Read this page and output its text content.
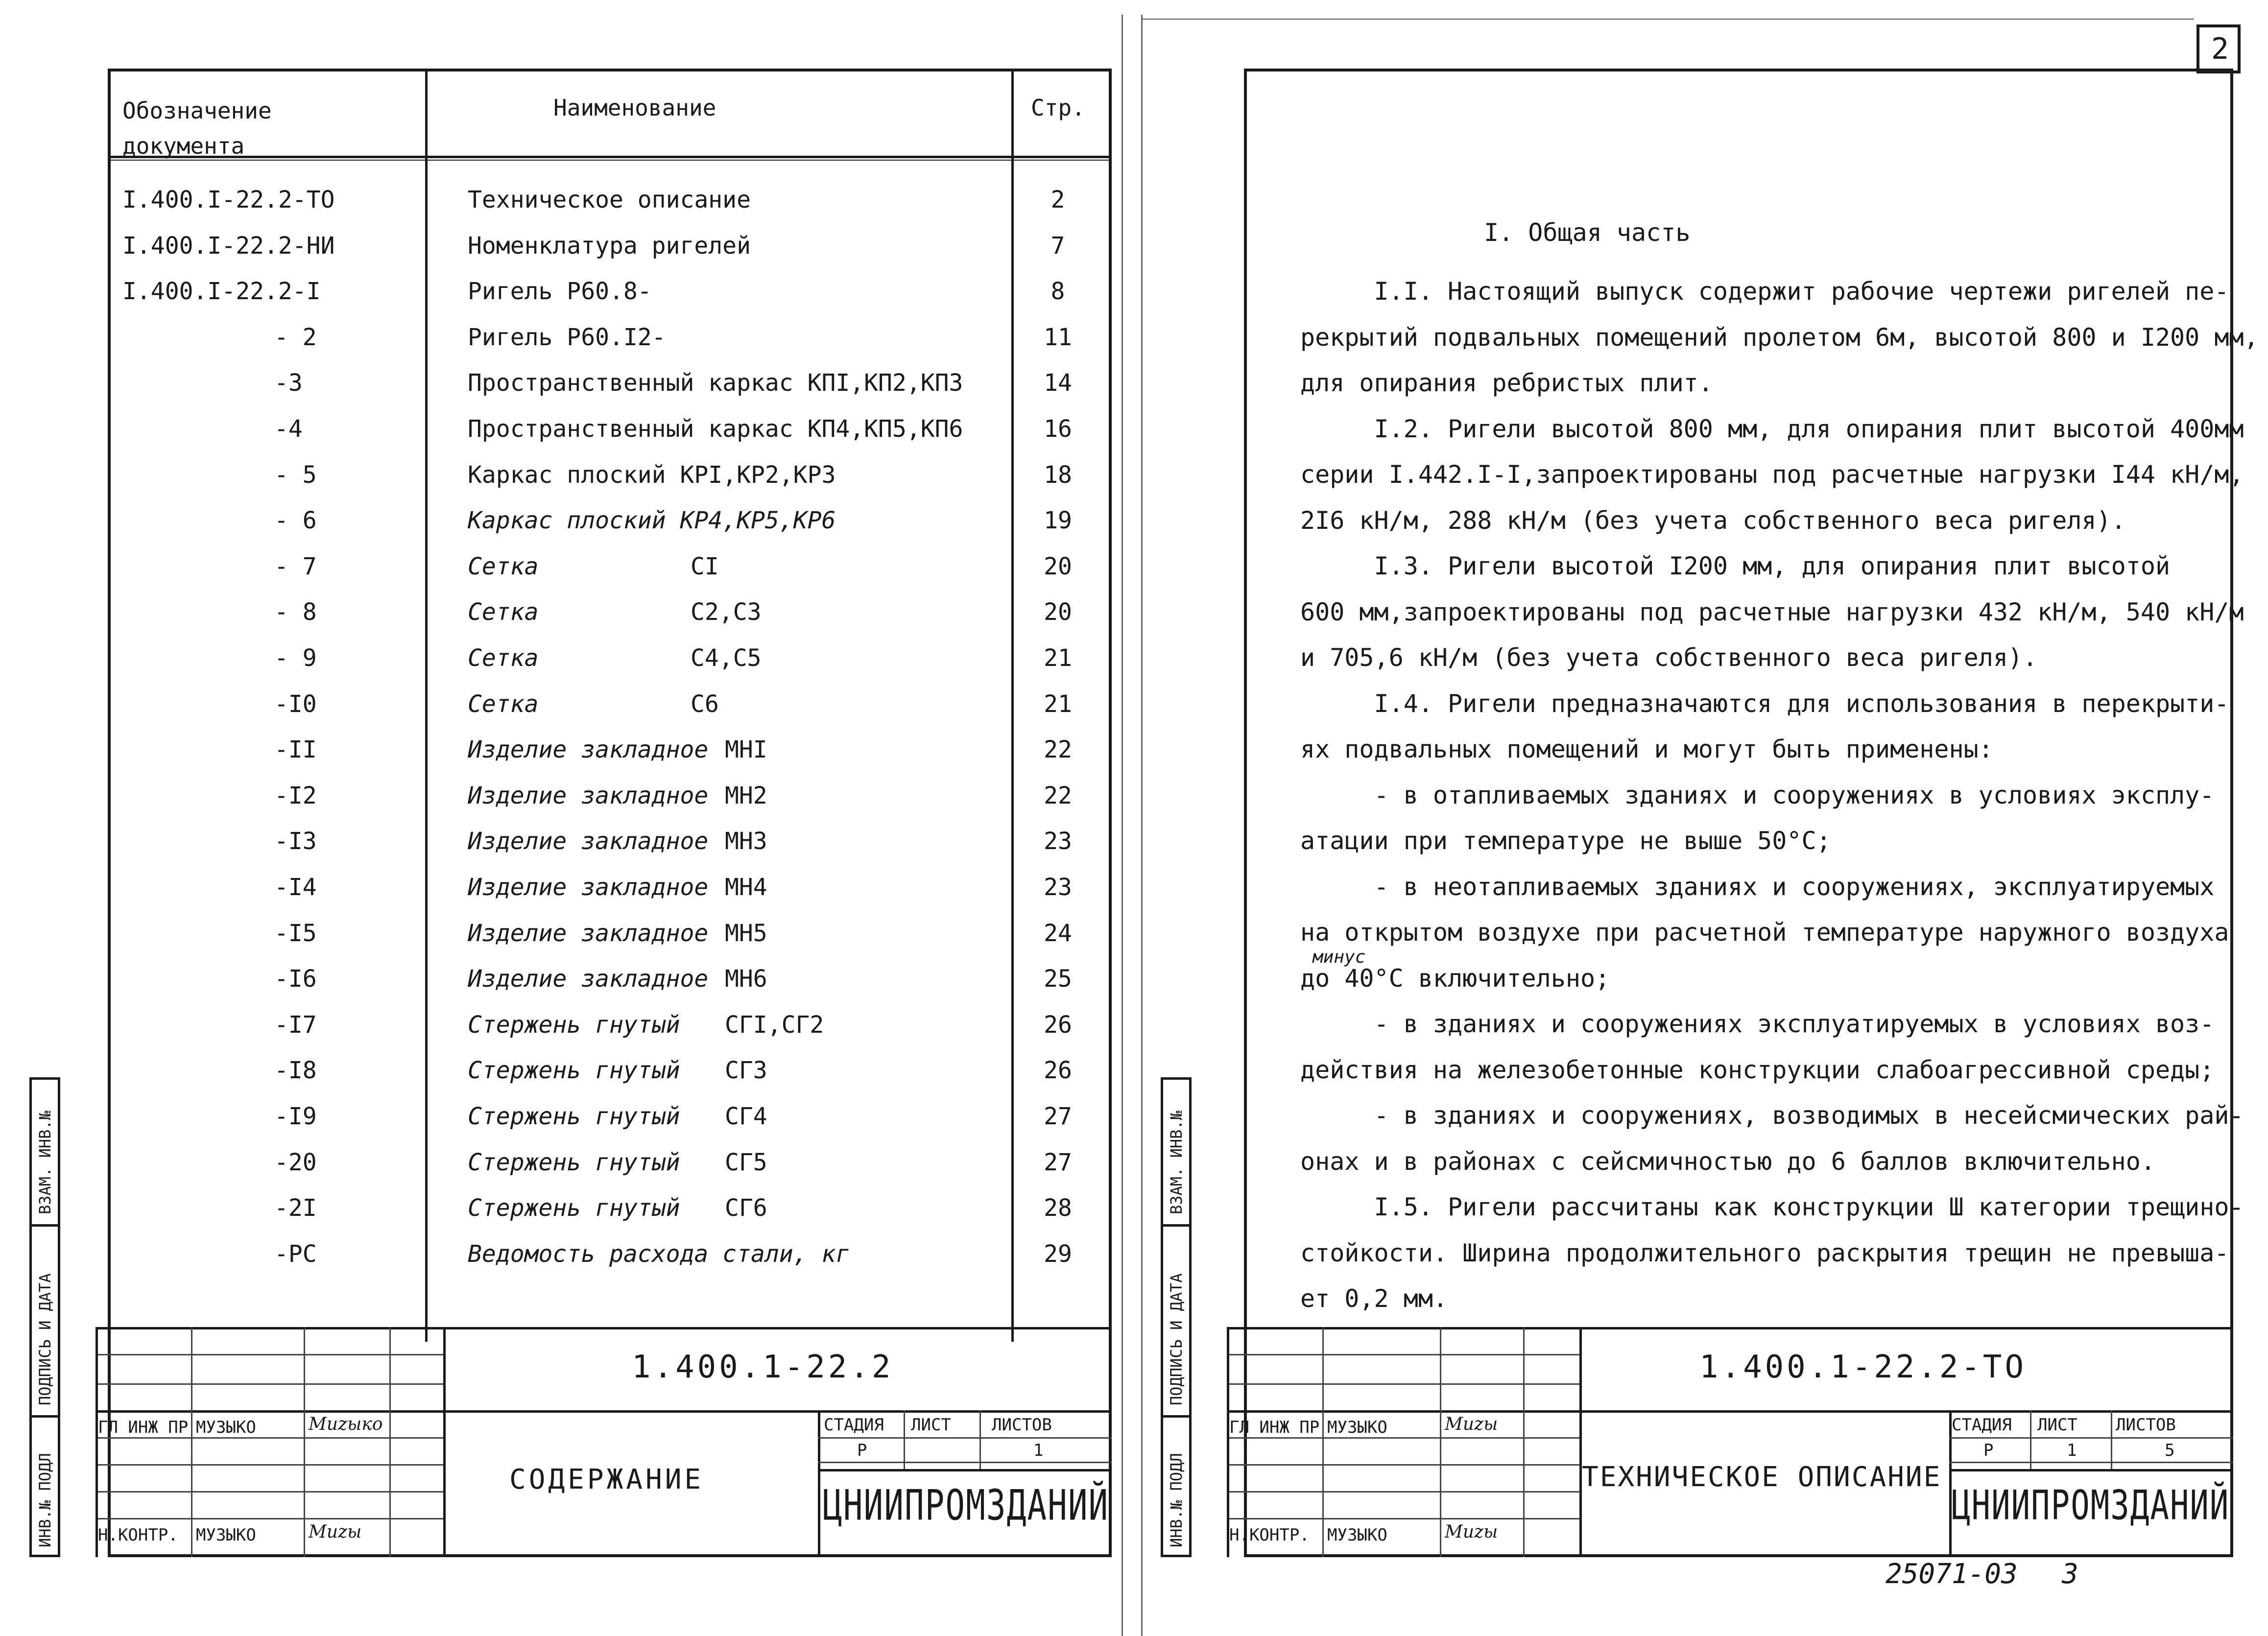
Обозначение документа
Наименование	Стр.
I.400.I-22.2-ТО	Техническое описание	2
I.400.I-22.2-НИ	Номенклатура ригелей	7
I.400.I-22.2-I	Ригель Р60.8-	8
- 2	Ригель Р60.I2-	11
-3	Пространственный каркас КПI,КП2,КП3	14
-4	Пространственный каркас КП4,КП5,КП6	16
- 5	Каркас плоский КРI,КР2,КР3	18
- 6	Каркас плоский КР4,КР5,КР6	19
- 7	Сетка	CI	20
- 8	Сетка	С2,С3	20
- 9	Сетка	С4,С5	21
-I0	Сетка	С6	21
-II	Изделие закладное МНI	22
-I2	Изделие закладное МН2	22
-I3	Изделие закладное МН3	23
-I4	Изделие закладное МН4	23
-I5	Изделие закладное МН5	24
-I6	Изделие закладное МН6	25
-I7	Стержень гнутый СГI,СГ2	26
-I8	Стержень гнутый СГ3	26
-I9	Стержень гнутый СГ4	27
-20	Стержень гнутый СГ5	27
-2I	Стержень гнутый СГ6	28
-РС	Ведомость расхода стали, кг	29
ВЗАМ. ИНВ.№
ПОДПИСЬ И ДАТА
ИНВ.№ ПОДЛ
1.400.1-22.2
СОДЕРЖАНИЕ
СТАДИЯ ЛИСТ ЛИСТОВ
Р	1
ЦНИИПРОМЗДАНИЙ
ГЛ ИНЖ ПР МУЗЫКО	Muzыко
Н.КОНТР. МУЗЫКО	Muzы
2
I. Общая часть
I.I. Настоящий выпуск содержит рабочие чертежи ригелей пе-
рекрытий подвальных помещений пролетом 6м, высотой 800 и I200 мм,
для опирания ребристых плит.
I.2. Ригели высотой 800 мм, для опирания плит высотой 400мм
серии I.442.I-I,запроектированы под расчетные нагрузки I44 кН/м,
2I6 кН/м, 288 кН/м (без учета собственного веса ригеля).
I.3. Ригели высотой I200 мм, для опирания плит высотой
600 мм,запроектированы под расчетные нагрузки 432 кН/м, 540 кН/м
и 705,6 кН/м (без учета собственного веса ригеля).
I.4. Ригели предназначаются для использования в перекрыти-
ях подвальных помещений и могут быть применены:
- в отапливаемых зданиях и сооружениях в условиях эксплу-
атации при температуре не выше 50°С;
- в неотапливаемых зданиях и сооружениях, эксплуатируемых
на открытом воздухе при расчетной температуре наружного воздуха
до 40°С включительно;
- в зданиях и сооружениях эксплуатируемых в условиях воз-
действия на железобетонные конструкции слабоагрессивной среды;
- в зданиях и сооружениях, возводимых в несейсмических рай-
онах и в районах с сейсмичностью до 6 баллов включительно.
I.5. Ригели рассчитаны как конструкции Ш категории трещино-
стойкости. Ширина продолжительного раскрытия трещин не превыша-
ет 0,2 мм.
минус
ВЗАМ. ИНВ.№
ПОДПИСЬ И ДАТА
ИНВ.№ ПОДЛ
1.400.1-22.2-ТО
ТЕХНИЧЕСКОЕ ОПИСАНИЕ
СТАДИЯ ЛИСТ ЛИСТОВ
Р	1	5
ЦНИИПРОМЗДАНИЙ
ГЛ ИНЖ ПР МУЗЫКО	Muzы
Н.КОНТР. МУЗЫКО	Muzы
25071-03 3
